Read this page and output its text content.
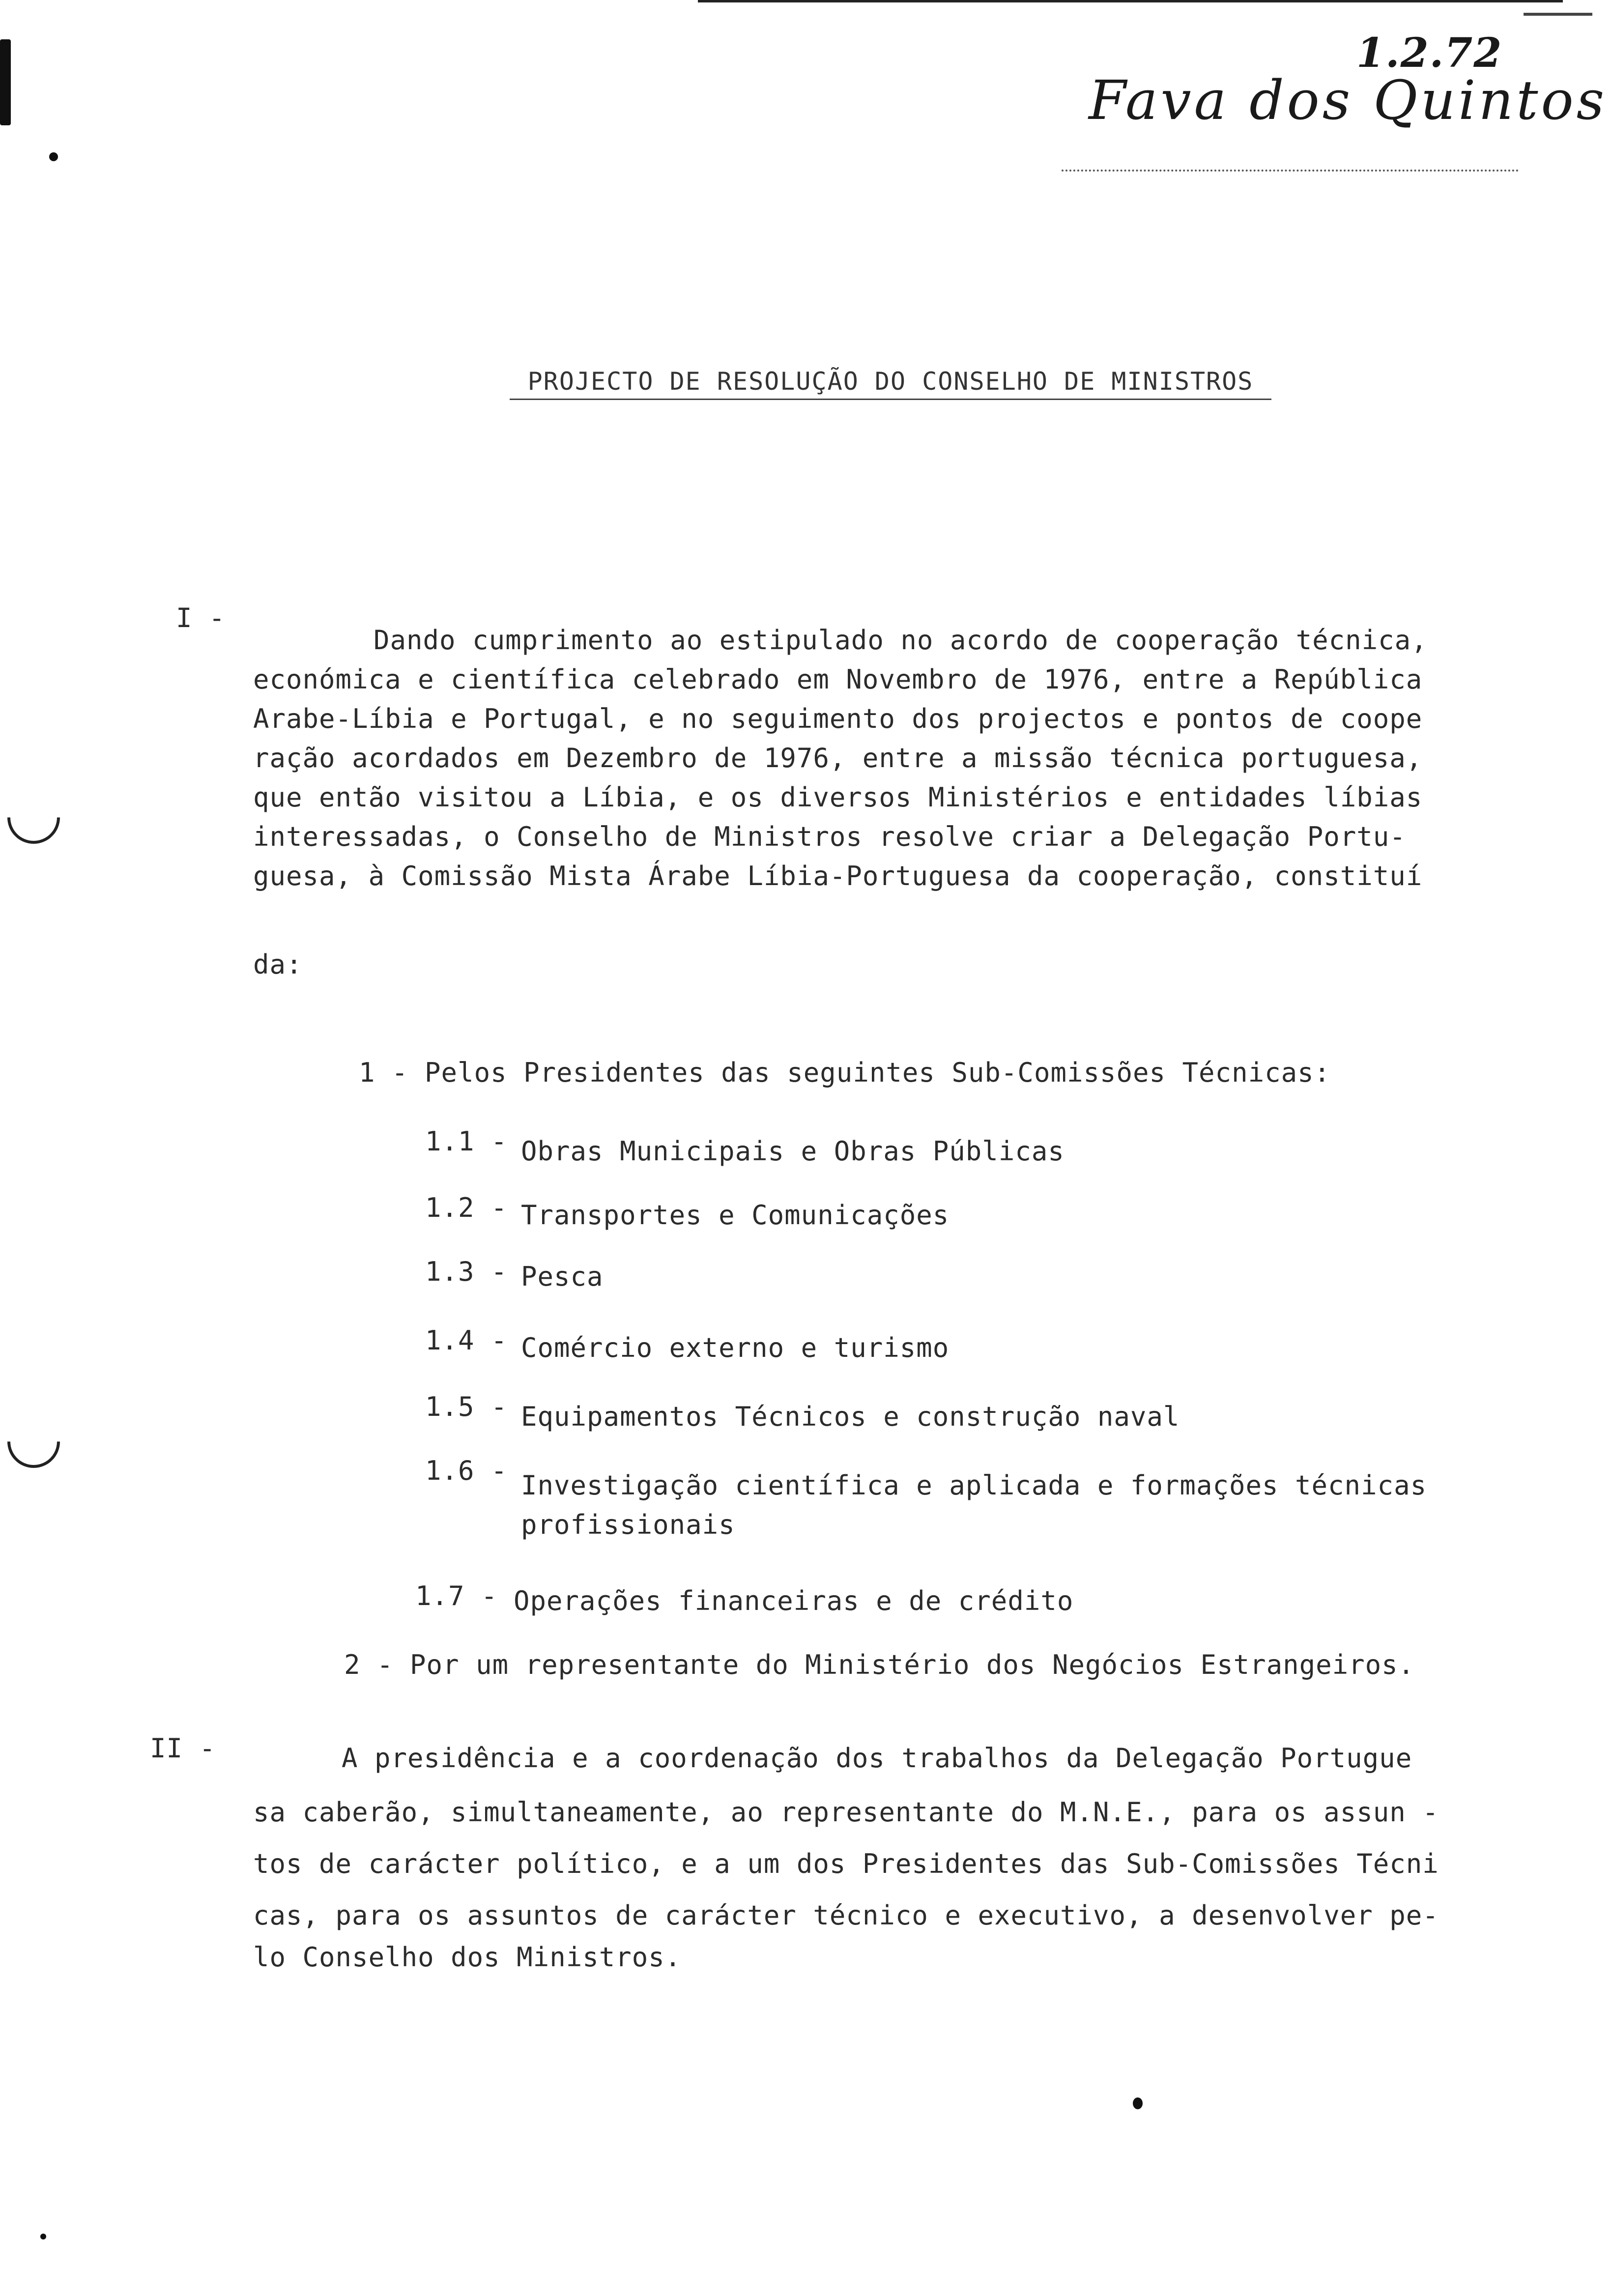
1.2.72
Fava dos Quintos
PROJECTO DE RESOLUÇÃO DO CONSELHO DE MINISTROS
I -
Dando cumprimento ao estipulado no acordo de cooperação técnica,
económica e científica celebrado em Novembro de 1976, entre a República
Arabe-Líbia e Portugal, e no seguimento dos projectos e pontos de coope
ração acordados em Dezembro de 1976, entre a missão técnica portuguesa,
que então visitou a Líbia, e os diversos Ministérios e entidades líbias
interessadas, o Conselho de Ministros resolve criar a Delegação Portu-
guesa, à Comissão Mista Árabe Líbia-Portuguesa da cooperação, constituí
da:
1 - Pelos Presidentes das seguintes Sub-Comissões Técnicas:
1.1 - Obras Municipais e Obras Públicas
1.2 - Transportes e Comunicações
1.3 - Pesca
1.4 - Comércio externo e turismo
1.5 - Equipamentos Técnicos e construção naval
1.6 - Investigação científica e aplicada e formações técnicas
profissionais
1.7 - Operações financeiras e de crédito
2 - Por um representante do Ministério dos Negócios Estrangeiros.
II -	A presidência e a coordenação dos trabalhos da Delegação Portugue
sa caberão, simultaneamente, ao representante do M.N.E., para os assun -
tos de carácter político, e a um dos Presidentes das Sub-Comissões Técni
cas, para os assuntos de carácter técnico e executivo, a desenvolver pe-
lo Conselho dos Ministros.
